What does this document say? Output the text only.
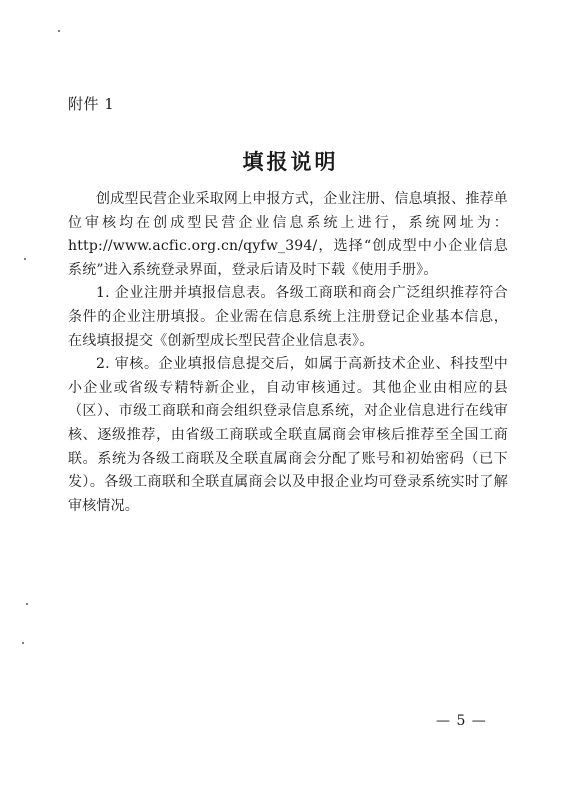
附件 1
填报说明

创成型民营企业采取网上申报方式，企业注册、信息填报、推荐单位审核均在创成型民营企业信息系统上进行，系统网址为：http://www.acfic.org.cn/qyfw_394/，选择“创成型中小企业信息系统”进入系统登录界面，登录后请及时下载《使用手册》。

1. 企业注册并填报信息表。各级工商联和商会广泛组织推荐符合条件的企业注册填报。企业需在信息系统上注册登记企业基本信息，在线填报提交《创新型成长型民营企业信息表》。

2. 审核。企业填报信息提交后，如属于高新技术企业、科技型中小企业或省级专精特新企业，自动审核通过。其他企业由相应的县（区）、市级工商联和商会组织登录信息系统，对企业信息进行在线审核、逐级推荐，由省级工商联或全联直属商会审核后推荐至全国工商联。系统为各级工商联及全联直属商会分配了账号和初始密码（已下发）。各级工商联和全联直属商会以及申报企业均可登录系统实时了解审核情况。

— 5 —
